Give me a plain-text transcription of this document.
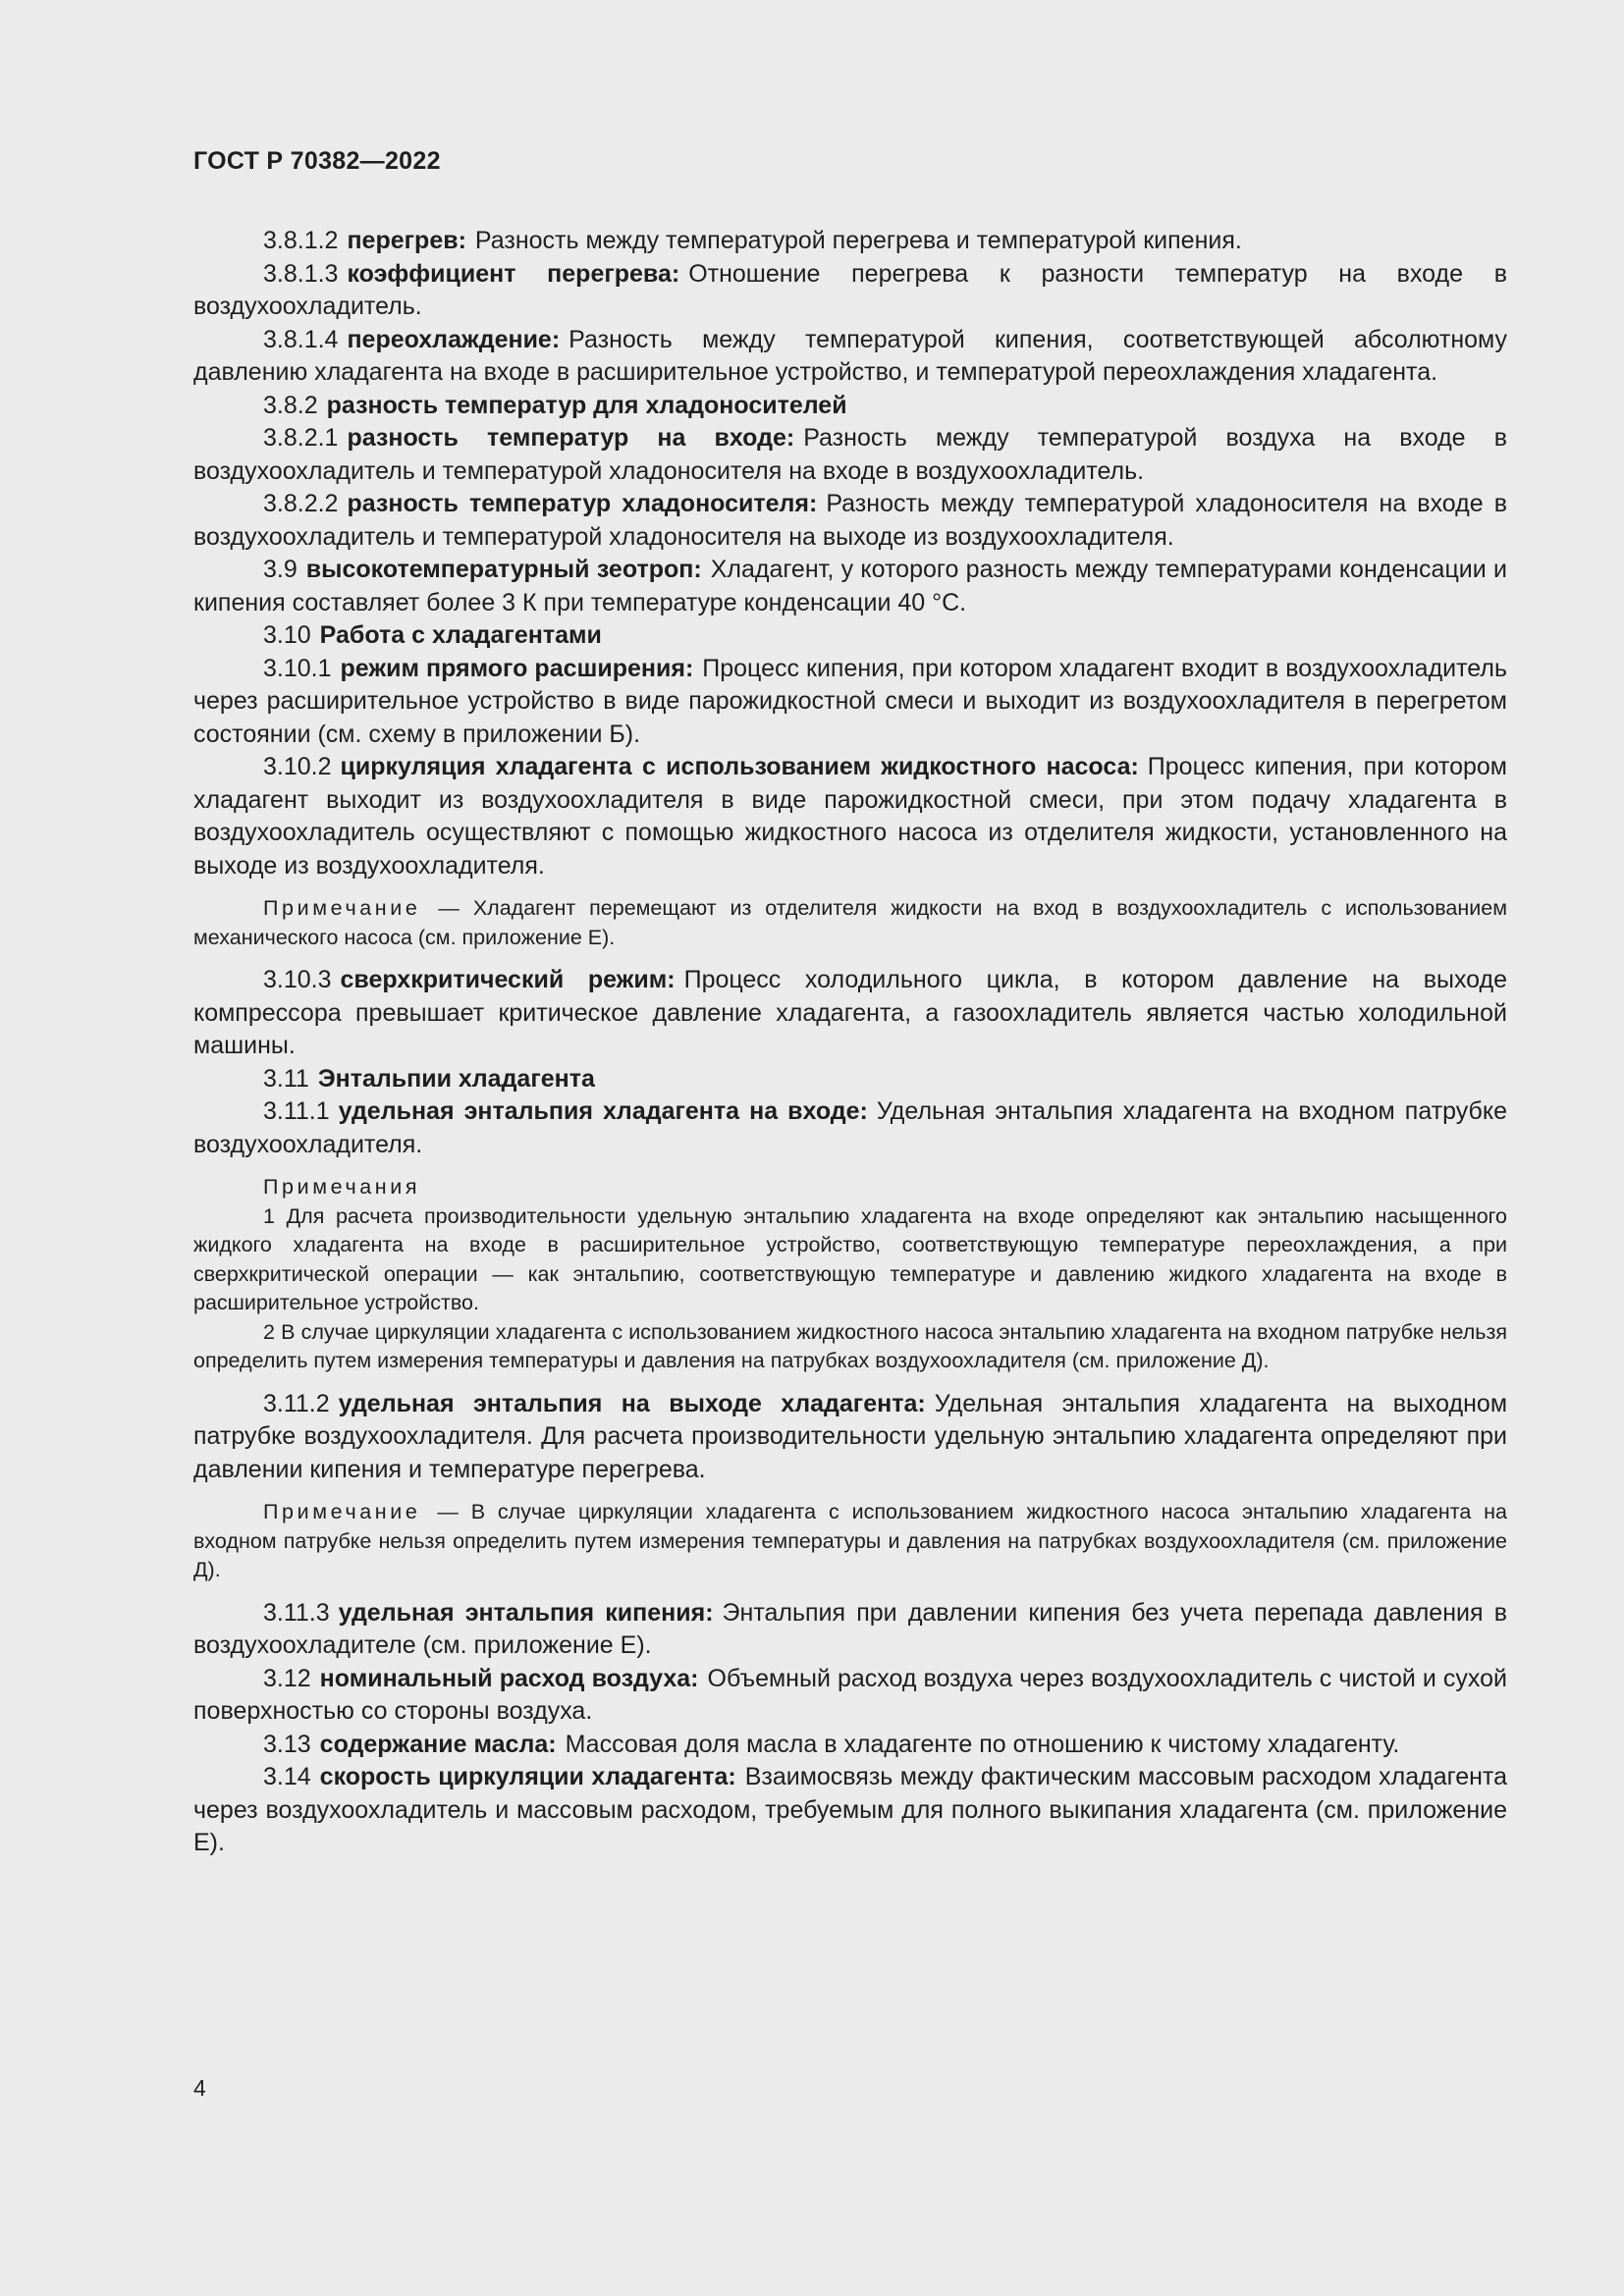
ГОСТ Р 70382—2022

3.8.1.2 перегрев: Разность между температурой перегрева и температурой кипения.

3.8.1.3 коэффициент перегрева: Отношение перегрева к разности температур на входе в воздухоохладитель.

3.8.1.4 переохлаждение: Разность между температурой кипения, соответствующей абсолютному давлению хладагента на входе в расширительное устройство, и температурой переохлаждения хладагента.

3.8.2 разность температур для хладоносителей

3.8.2.1 разность температур на входе: Разность между температурой воздуха на входе в воздухоохладитель и температурой хладоносителя на входе в воздухоохладитель.

3.8.2.2 разность температур хладоносителя: Разность между температурой хладоносителя на входе в воздухоохладитель и температурой хладоносителя на выходе из воздухоохладителя.

3.9 высокотемпературный зеотроп: Хладагент, у которого разность между температурами конденсации и кипения составляет более 3 К при температуре конденсации 40 °С.

3.10 Работа с хладагентами

3.10.1 режим прямого расширения: Процесс кипения, при котором хладагент входит в воздухоохладитель через расширительное устройство в виде парожидкостной смеси и выходит из воздухоохладителя в перегретом состоянии (см. схему в приложении Б).

3.10.2 циркуляция хладагента с использованием жидкостного насоса: Процесс кипения, при котором хладагент выходит из воздухоохладителя в виде парожидкостной смеси, при этом подачу хладагента в воздухоохладитель осуществляют с помощью жидкостного насоса из отделителя жидкости, установленного на выходе из воздухоохладителя.

Примечание — Хладагент перемещают из отделителя жидкости на вход в воздухоохладитель с использованием механического насоса (см. приложение Е).

3.10.3 сверхкритический режим: Процесс холодильного цикла, в котором давление на выходе компрессора превышает критическое давление хладагента, а газоохладитель является частью холодильной машины.

3.11 Энтальпии хладагента

3.11.1 удельная энтальпия хладагента на входе: Удельная энтальпия хладагента на входном патрубке воздухоохладителя.

Примечания

1 Для расчета производительности удельную энтальпию хладагента на входе определяют как энтальпию насыщенного жидкого хладагента на входе в расширительное устройство, соответствующую температуре переохлаждения, а при сверхкритической операции — как энтальпию, соответствующую температуре и давлению жидкого хладагента на входе в расширительное устройство.

2 В случае циркуляции хладагента с использованием жидкостного насоса энтальпию хладагента на входном патрубке нельзя определить путем измерения температуры и давления на патрубках воздухоохладителя (см. приложение Д).

3.11.2 удельная энтальпия на выходе хладагента: Удельная энтальпия хладагента на выходном патрубке воздухоохладителя. Для расчета производительности удельную энтальпию хладагента определяют при давлении кипения и температуре перегрева.

Примечание — В случае циркуляции хладагента с использованием жидкостного насоса энтальпию хладагента на входном патрубке нельзя определить путем измерения температуры и давления на патрубках воздухоохладителя (см. приложение Д).

3.11.3 удельная энтальпия кипения: Энтальпия при давлении кипения без учета перепада давления в воздухоохладителе (см. приложение Е).

3.12 номинальный расход воздуха: Объемный расход воздуха через воздухоохладитель с чистой и сухой поверхностью со стороны воздуха.

3.13 содержание масла: Массовая доля масла в хладагенте по отношению к чистому хладагенту.

3.14 скорость циркуляции хладагента: Взаимосвязь между фактическим массовым расходом хладагента через воздухоохладитель и массовым расходом, требуемым для полного выкипания хладагента (см. приложение Е).

4
